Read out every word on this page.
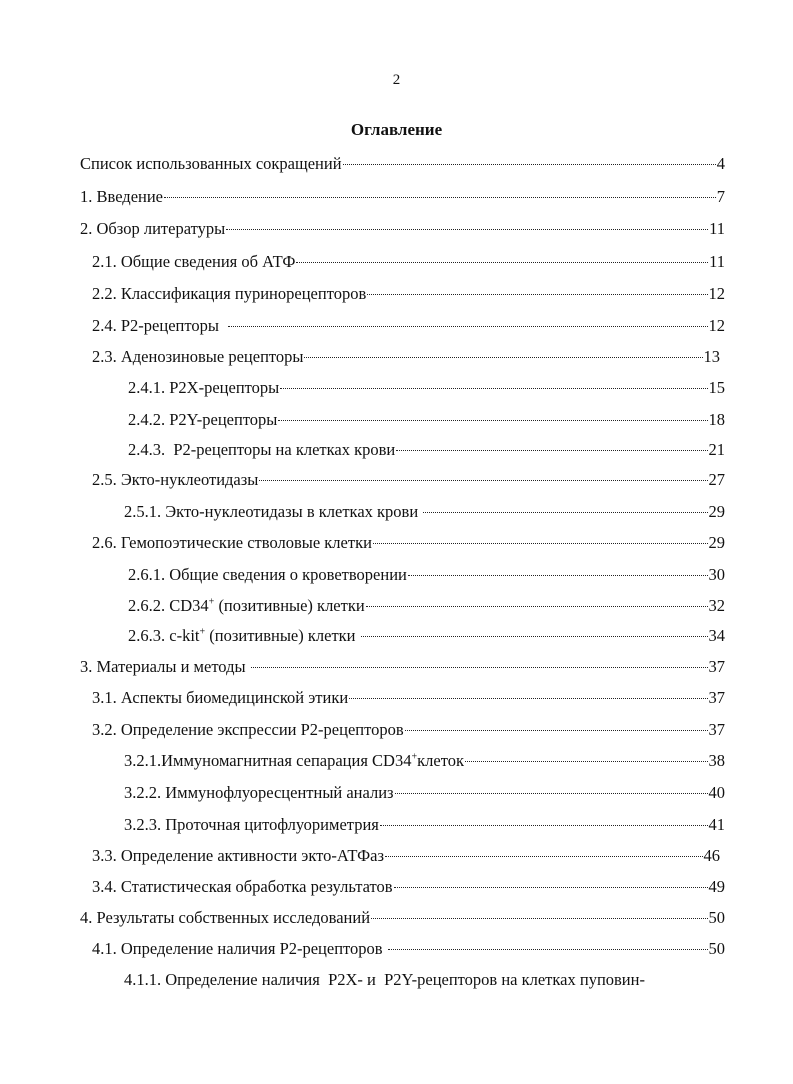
2
Оглавление
Список использованных сокращений	4
1. Введение	7
2. Обзор литературы	11
2.1. Общие сведения об АТФ	11
2.2. Классификация пуринорецепторов	12
2.4. Р2-рецепторы	12
2.3. Аденозиновые рецепторы	13
2.4.1. P2X-рецепторы	15
2.4.2. P2Y-рецепторы	18
2.4.3.  Р2-рецепторы на клетках крови	21
2.5. Экто-нуклеотидазы	27
2.5.1. Экто-нуклеотидазы в клетках крови	29
2.6. Гемопоэтические стволовые клетки	29
2.6.1. Общие сведения о кроветворении	30
2.6.2. CD34+ (позитивные) клетки	32
2.6.3. c-kit+ (позитивные) клетки	34
3. Материалы и методы	37
3.1. Аспекты биомедицинской этики	37
3.2. Определение экспрессии Р2-рецепторов	37
3.2.1.Иммуномагнитная сепарация CD34+клеток	38
3.2.2. Иммунофлуоресцентный анализ	40
3.2.3. Проточная цитофлуориметрия	41
3.3. Определение активности экто-АТФаз	46
3.4. Статистическая обработка результатов	49
4. Результаты собственных исследований	50
4.1. Определение наличия Р2-рецепторов	50
4.1.1. Определение наличия  Р2Х- и  P2Y-рецепторов на клетках пуповин-
